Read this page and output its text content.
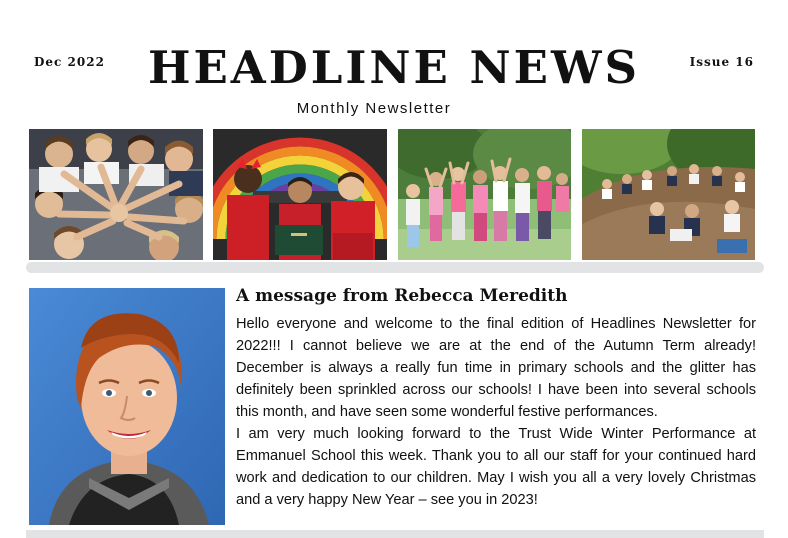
Dec 2022 HEADLINE NEWS	Issue 16
Monthly Newsletter
A message from Rebecca Meredith

Hello everyone and welcome to the final edition of Headlines Newsletter for 2022!!! I cannot believe we are at the end of the Autumn Term already! December is always a really fun time in primary schools and the glitter has definitely been sprinkled across our schools! I have been into several schools this month, and have seen some wonderful festive performances.

I am very much looking forward to the Trust Wide Winter Performance at Emmanuel School this week. Thank you to all our staff for your continued hard work and dedication to our children. May I wish you all a very lovely Christmas and a very happy New Year – see you in 2023!
